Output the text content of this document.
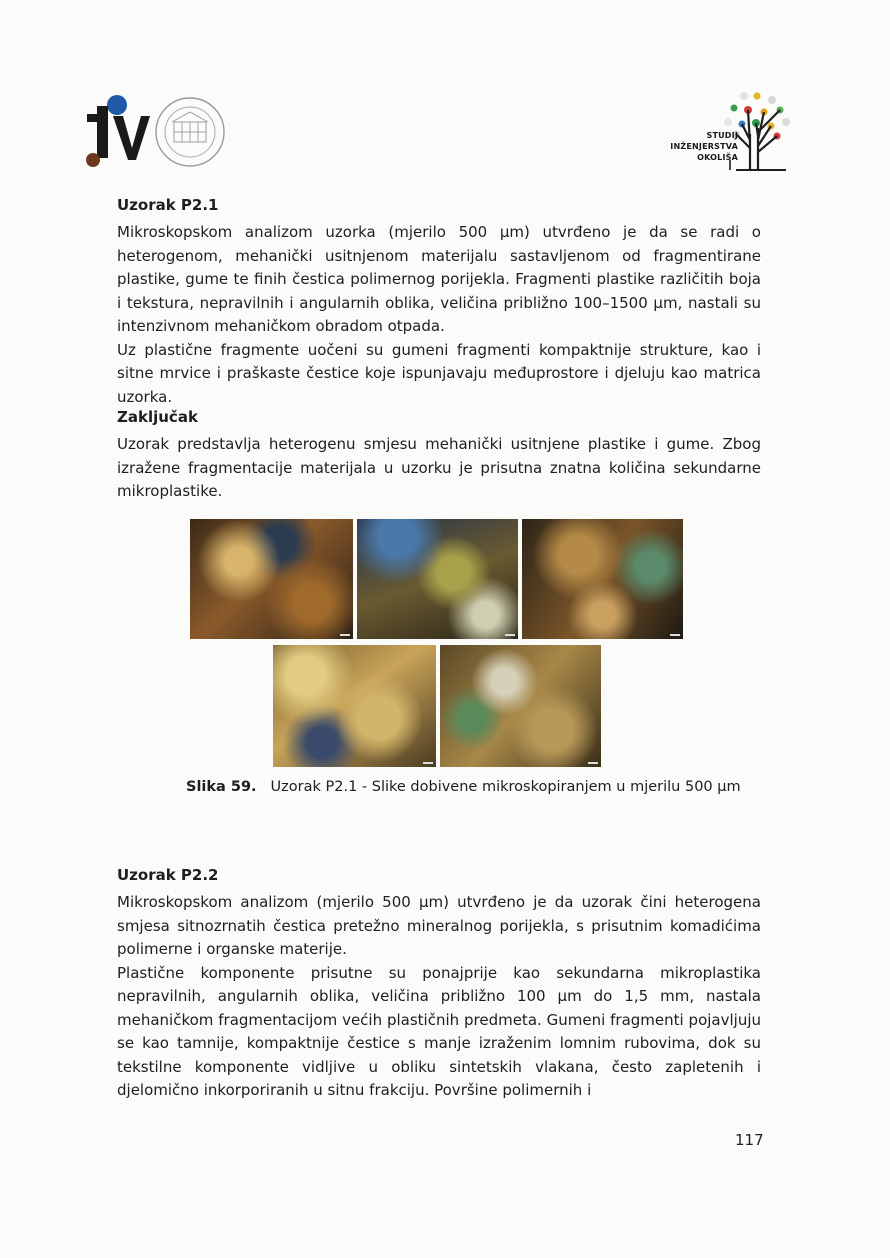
STUDIJ
INŽENJERSTVA
OKOLIŠA
Uzorak P2.1

Mikroskopskom analizom uzorka (mjerilo 500 µm) utvrđeno je da se radi o heterogenom, mehanički usitnjenom materijalu sastavljenom od fragmentirane plastike, gume te finih čestica polimernog porijekla. Fragmenti plastike različitih boja i tekstura, nepravilnih i angularnih oblika, veličina približno 100–1500 µm, nastali su intenzivnom mehaničkom obradom otpada.

Uz plastične fragmente uočeni su gumeni fragmenti kompaktnije strukture, kao i sitne mrvice i praškaste čestice koje ispunjavaju međuprostore i djeluju kao matrica uzorka.

Zaključak

Uzorak predstavlja heterogenu smjesu mehanički usitnjene plastike i gume. Zbog izražene fragmentacije materijala u uzorku je prisutna znatna količina sekundarne mikroplastike.

Slika 59. Uzorak P2.1 - Slike dobivene mikroskopiranjem u mjerilu 500 µm
Uzorak P2.2

Mikroskopskom analizom (mjerilo 500 µm) utvrđeno je da uzorak čini heterogena smjesa sitnozrnatih čestica pretežno mineralnog porijekla, s prisutnim komadićima polimerne i organske materije.

Plastične komponente prisutne su ponajprije kao sekundarna mikroplastika nepravilnih, angularnih oblika, veličina približno 100 µm do 1,5 mm, nastala mehaničkom fragmentacijom većih plastičnih predmeta. Gumeni fragmenti pojavljuju se kao tamnije, kompaktnije čestice s manje izraženim lomnim rubovima, dok su tekstilne komponente vidljive u obliku sintetskih vlakana, često zapletenih i djelomično inkorporiranih u sitnu frakciju. Površine polimernih i

117
